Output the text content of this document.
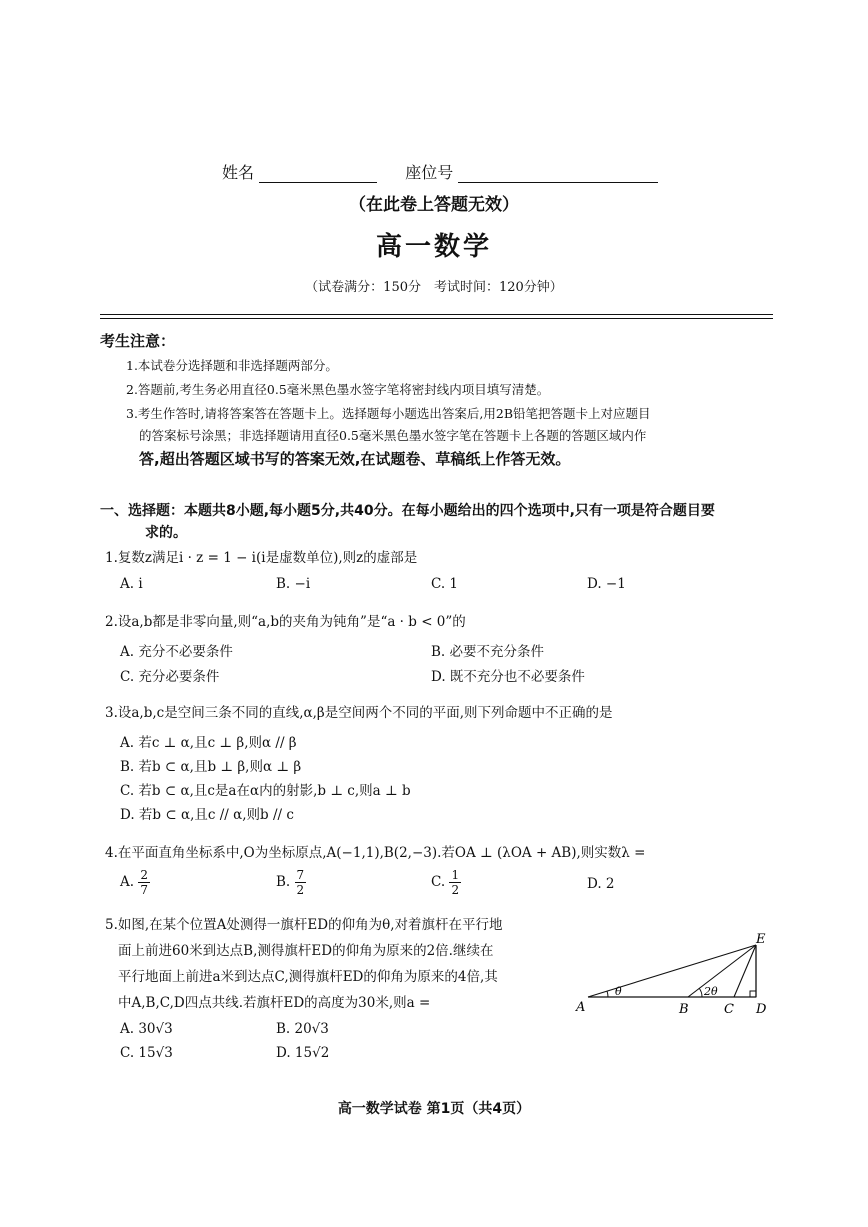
姓名	座位号
（在此卷上答题无效）
高一数学
（试卷满分：150分　考试时间：120分钟）
考生注意：
1.本试卷分选择题和非选择题两部分。
2.答题前,考生务必用直径0.5毫米黑色墨水签字笔将密封线内项目填写清楚。
3.考生作答时,请将答案答在答题卡上。选择题每小题选出答案后,用2B铅笔把答题卡上对应题目
的答案标号涂黑；非选择题请用直径0.5毫米黑色墨水签字笔在答题卡上各题的答题区域内作
答,超出答题区域书写的答案无效,在试题卷、草稿纸上作答无效。
一、选择题：本题共8小题,每小题5分,共40分。在每小题给出的四个选项中,只有一项是符合题目要
求的。
1.复数z满足i · z = 1 − i(i是虚数单位),则z的虚部是
A. i	B. −i	C. 1	D. −1
2.设a,b都是非零向量,则“a,b的夹角为钝角”是“a · b < 0”的
A. 充分不必要条件	B. 必要不充分条件
C. 充分必要条件	D. 既不充分也不必要条件
3.设a,b,c是空间三条不同的直线,α,β是空间两个不同的平面,则下列命题中不正确的是
A. 若c ⊥ α,且c ⊥ β,则α // β
B. 若b ⊂ α,且b ⊥ β,则α ⊥ β
C. 若b ⊂ α,且c是a在α内的射影,b ⊥ c,则a ⊥ b
D. 若b ⊂ α,且c // α,则b // c
4.在平面直角坐标系中,O为坐标原点,A(−1,1),B(2,−3).若OA ⊥ (λOA + AB),则实数λ =
A. $\frac{2}{7}$	B. $\frac{7}{2}$	C. $\frac{1}{2}$	D. 2
5.如图,在某个位置A处测得一旗杆ED的仰角为θ,对着旗杆在平行地
面上前进60米到达点B,测得旗杆ED的仰角为原来的2倍.继续在
平行地面上前进a米到达点C,测得旗杆ED的仰角为原来的4倍,其
中A,B,C,D四点共线.若旗杆ED的高度为30米,则a =
A. 30√3	B. 20√3
C. 15√3	D. 15√2
E
A	B	C D
θ	2θ
高一数学试卷 第1页（共4页）
